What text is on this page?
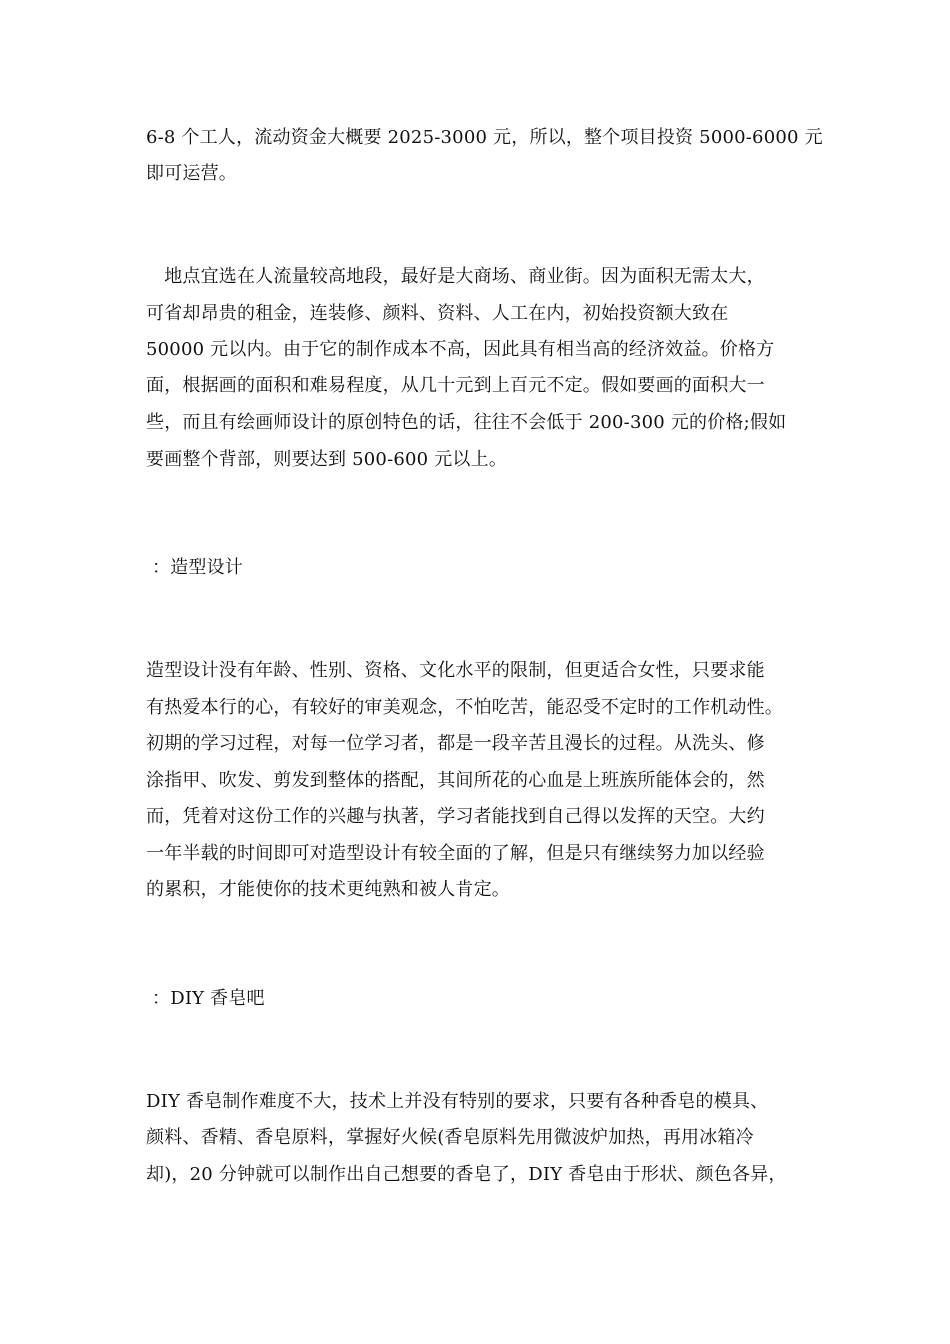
6-8 个工人，流动资金大概要 2025-3000 元，所以，整个项目投资 5000-6000 元
即可运营。
　地点宜选在人流量较高地段，最好是大商场、商业街。因为面积无需太大，
可省却昂贵的租金，连装修、颜料、资料、人工在内，初始投资额大致在
50000 元以内。由于它的制作成本不高，因此具有相当高的经济效益。价格方
面，根据画的面积和难易程度，从几十元到上百元不定。假如要画的面积大一
些，而且有绘画师设计的原创特色的话，往往不会低于 200-300 元的价格;假如
要画整个背部，则要达到 500-600 元以上。
：造型设计
造型设计没有年龄、性别、资格、文化水平的限制，但更适合女性，只要求能
有热爱本行的心，有较好的审美观念，不怕吃苦，能忍受不定时的工作机动性。
初期的学习过程，对每一位学习者，都是一段辛苦且漫长的过程。从洗头、修
涂指甲、吹发、剪发到整体的搭配，其间所花的心血是上班族所能体会的，然
而，凭着对这份工作的兴趣与执著，学习者能找到自己得以发挥的天空。大约
一年半载的时间即可对造型设计有较全面的了解，但是只有继续努力加以经验
的累积，才能使你的技术更纯熟和被人肯定。
：DIY 香皂吧
DIY 香皂制作难度不大，技术上并没有特别的要求，只要有各种香皂的模具、
颜料、香精、香皂原料，掌握好火候(香皂原料先用微波炉加热，再用冰箱冷
却)，20 分钟就可以制作出自己想要的香皂了，DIY 香皂由于形状、颜色各异，
